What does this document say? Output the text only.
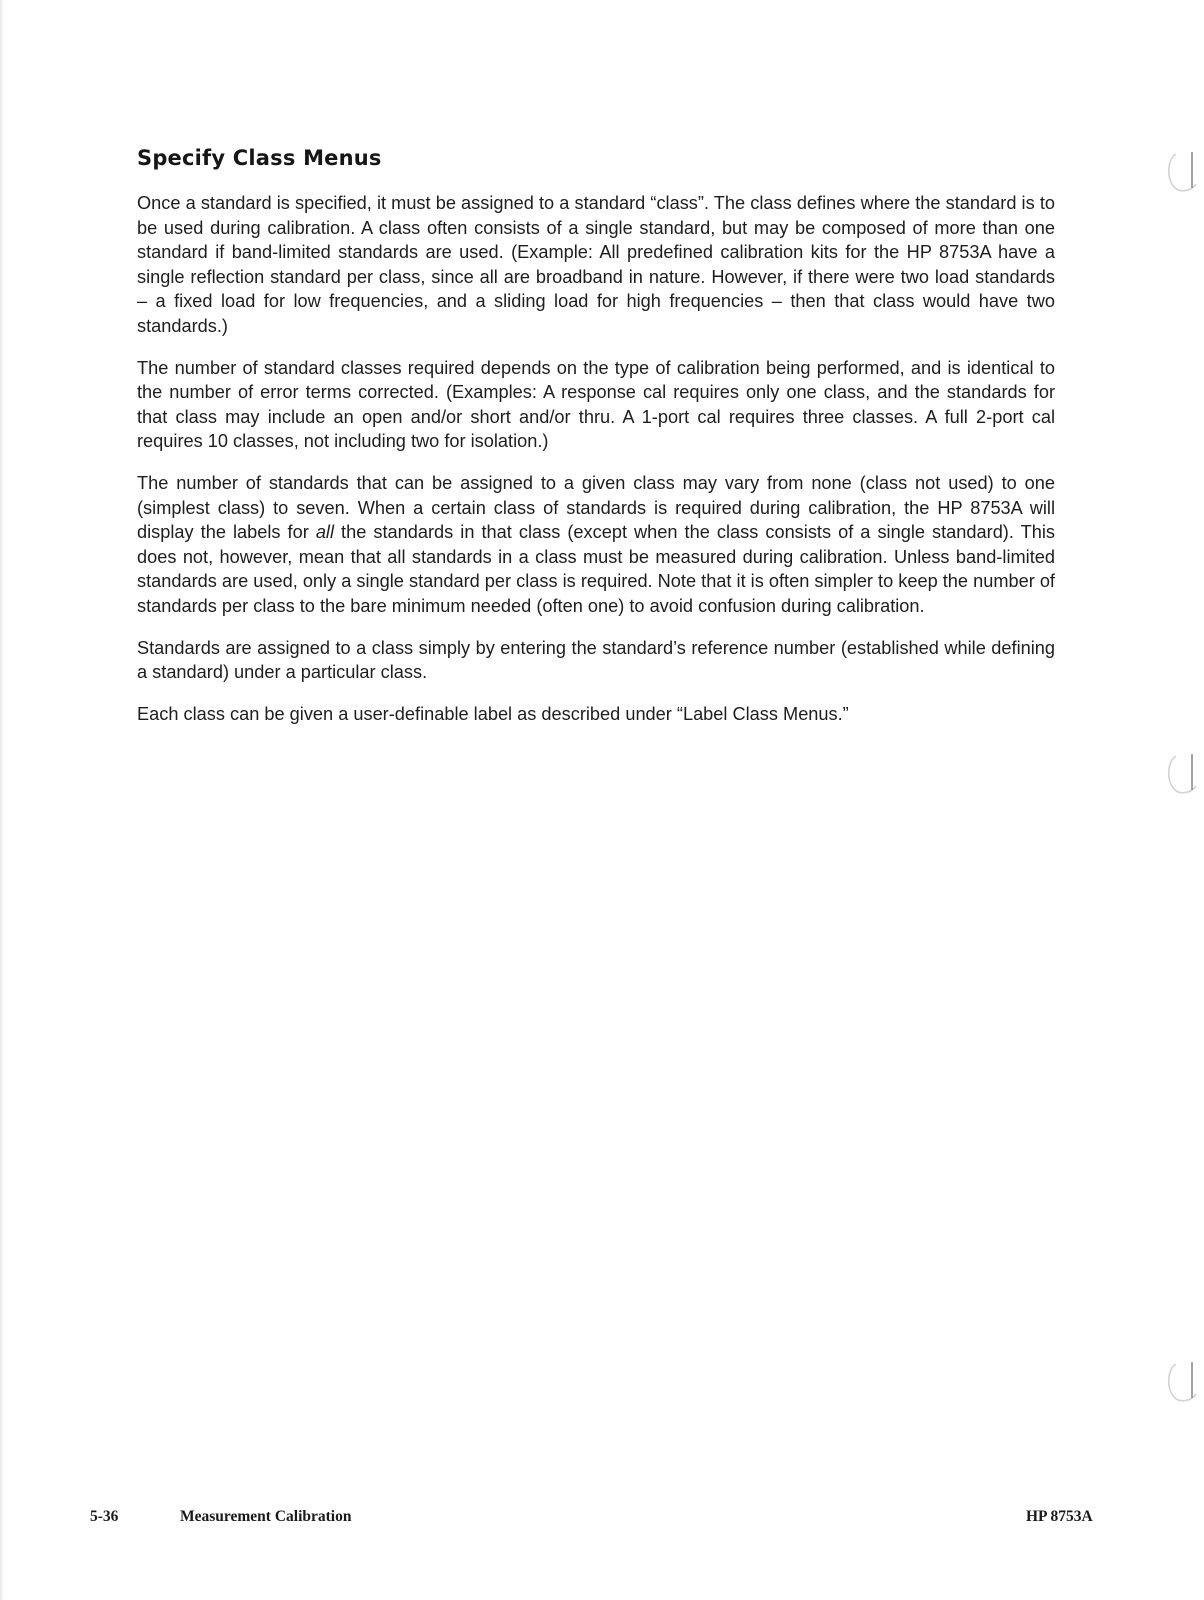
Specify Class Menus

Once a standard is specified, it must be assigned to a standard “class”. The class defines where the standard is to be used during calibration. A class often consists of a single standard, but may be composed of more than one standard if band-limited standards are used. (Example: All predefined calibration kits for the HP 8753A have a single reflection standard per class, since all are broadband in nature. However, if there were two load standards – a fixed load for low frequencies, and a sliding load for high frequencies – then that class would have two standards.)

The number of standard classes required depends on the type of calibration being performed, and is identical to the number of error terms corrected. (Examples: A response cal requires only one class, and the standards for that class may include an open and/or short and/or thru. A 1-port cal requires three classes. A full 2-port cal requires 10 classes, not including two for isolation.)

The number of standards that can be assigned to a given class may vary from none (class not used) to one (simplest class) to seven. When a certain class of standards is required during calibration, the HP 8753A will display the labels for all the standards in that class (except when the class consists of a single standard). This does not, however, mean that all standards in a class must be measured during calibration. Unless band-limited standards are used, only a single standard per class is required. Note that it is often simpler to keep the number of standards per class to the bare minimum needed (often one) to avoid confusion during calibration.

Standards are assigned to a class simply by entering the standard’s reference number (established while defining a standard) under a particular class.

Each class can be given a user-definable label as described under “Label Class Menus.”

5-36	Measurement Calibration	HP 8753A
